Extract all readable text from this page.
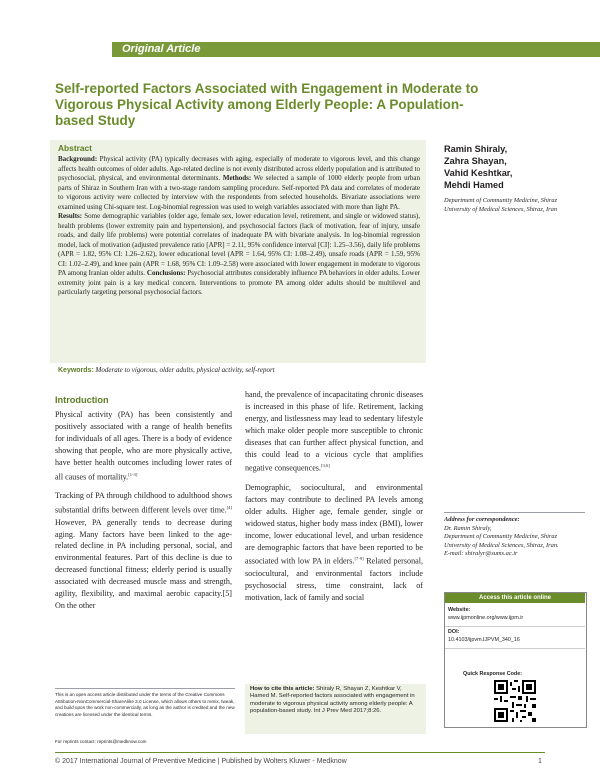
Original Article
Self-reported Factors Associated with Engagement in Moderate to Vigorous Physical Activity among Elderly People: A Population-based Study
Abstract
Background: Physical activity (PA) typically decreases with aging, especially of moderate to vigorous level, and this change affects health outcomes of older adults. Age-related decline is not evenly distributed across elderly population and is attributed to psychosocial, physical, and environmental determinants. Methods: We selected a sample of 1000 elderly people from urban parts of Shiraz in Southern Iran with a two-stage random sampling procedure. Self-reported PA data and correlates of moderate to vigorous activity were collected by interview with the respondents from selected households. Bivariate associations were examined using Chi-square test. Log-binomial regression was used to weigh variables associated with more than light PA.
Results: Some demographic variables (older age, female sex, lower education level, retirement, and single or widowed status), health problems (lower extremity pain and hypertension), and psychosocial factors (lack of motivation, fear of injury, unsafe roads, and daily life problems) were potential correlates of inadequate PA with bivariate analysis. In log-binomial regression model, lack of motivation (adjusted prevalence ratio [APR] = 2.11, 95% confidence interval [CI]: 1.25–3.56), daily life problems (APR = 1.82, 95% CI: 1.26–2.62), lower educational level (APR = 1.64, 95% CI: 1.08–2.49), unsafe roads (APR = 1.59, 95% CI: 1.02–2.49), and knee pain (APR = 1.68, 95% CI: 1.09–2.58) were associated with lower engagement in moderate to vigorous PA among Iranian older adults. Conclusions: Psychosocial attributes considerably influence PA behaviors in older adults. Lower extremity joint pain is a key medical concern. Interventions to promote PA among older adults should be multilevel and particularly targeting personal psychosocial factors.
Keywords: Moderate to vigorous, older adults, physical activity, self-report
Ramin Shiraly,
Zahra Shayan,
Vahid Keshtkar,
Mehdi Hamed
Department of Community Medicine, Shiraz University of Medical Sciences, Shiraz, Iran
Introduction

Physical activity (PA) has been consistently and positively associated with a range of health benefits for individuals of all ages. There is a body of evidence showing that people, who are more physically active, have better health outcomes including lower rates of all causes of mortality.[1-3]

Tracking of PA through childhood to adulthood shows substantial drifts between different levels over time.[4] However, PA generally tends to decrease during aging. Many factors have been linked to the age-related decline in PA including personal, social, and environmental features. Part of this decline is due to decreased functional fitness; elderly period is usually associated with decreased muscle mass and strength, agility, flexibility, and maximal aerobic capacity.[5] On the other

hand, the prevalence of incapacitating chronic diseases is increased in this phase of life. Retirement, lacking energy, and listlessness may lead to sedentary lifestyle which make older people more susceptible to chronic diseases that can further affect physical function, and this could lead to a vicious cycle that amplifies negative consequences.[3,6]

Demographic, sociocultural, and environmental factors may contribute to declined PA levels among older adults. Higher age, female gender, single or widowed status, higher body mass index (BMI), lower income, lower educational level, and urban residence are demographic factors that have been reported to be associated with low PA in elders.[7-9] Related personal, sociocultural, and environmental factors include psychosocial stress, time constraint, lack of motivation, lack of family and social

This is an open access article distributed under the terms of the Creative Commons Attribution‑NonCommercial‑ShareAlike 3.0 License, which allows others to remix, tweak, and build upon the work non‑commercially, as long as the author is credited and the new creations are licensed under the identical terms.
For reprints contact: reprints@medknow.com
How to cite this article: Shiraly R, Shayan Z, Keshtkar V, Hamed M. Self-reported factors associated with engagement in moderate to vigorous physical activity among elderly people: A population-based study. Int J Prev Med 2017;8:26.
Address for correspondence:
Dr. Ramin Shiraly,
Department of Community Medicine, Shiraz University of Medical Sciences, Shiraz, Iran.
E-mail: shiralyr@sums.ac.ir
Access this article online
Website:
www.ijpmonline.org/www.ijpm.ir
DOI:
10.4103/ijpvm.IJPVM_340_16
Quick Response Code:
© 2017 International Journal of Preventive Medicine | Published by Wolters Kluwer - Medknow	1
